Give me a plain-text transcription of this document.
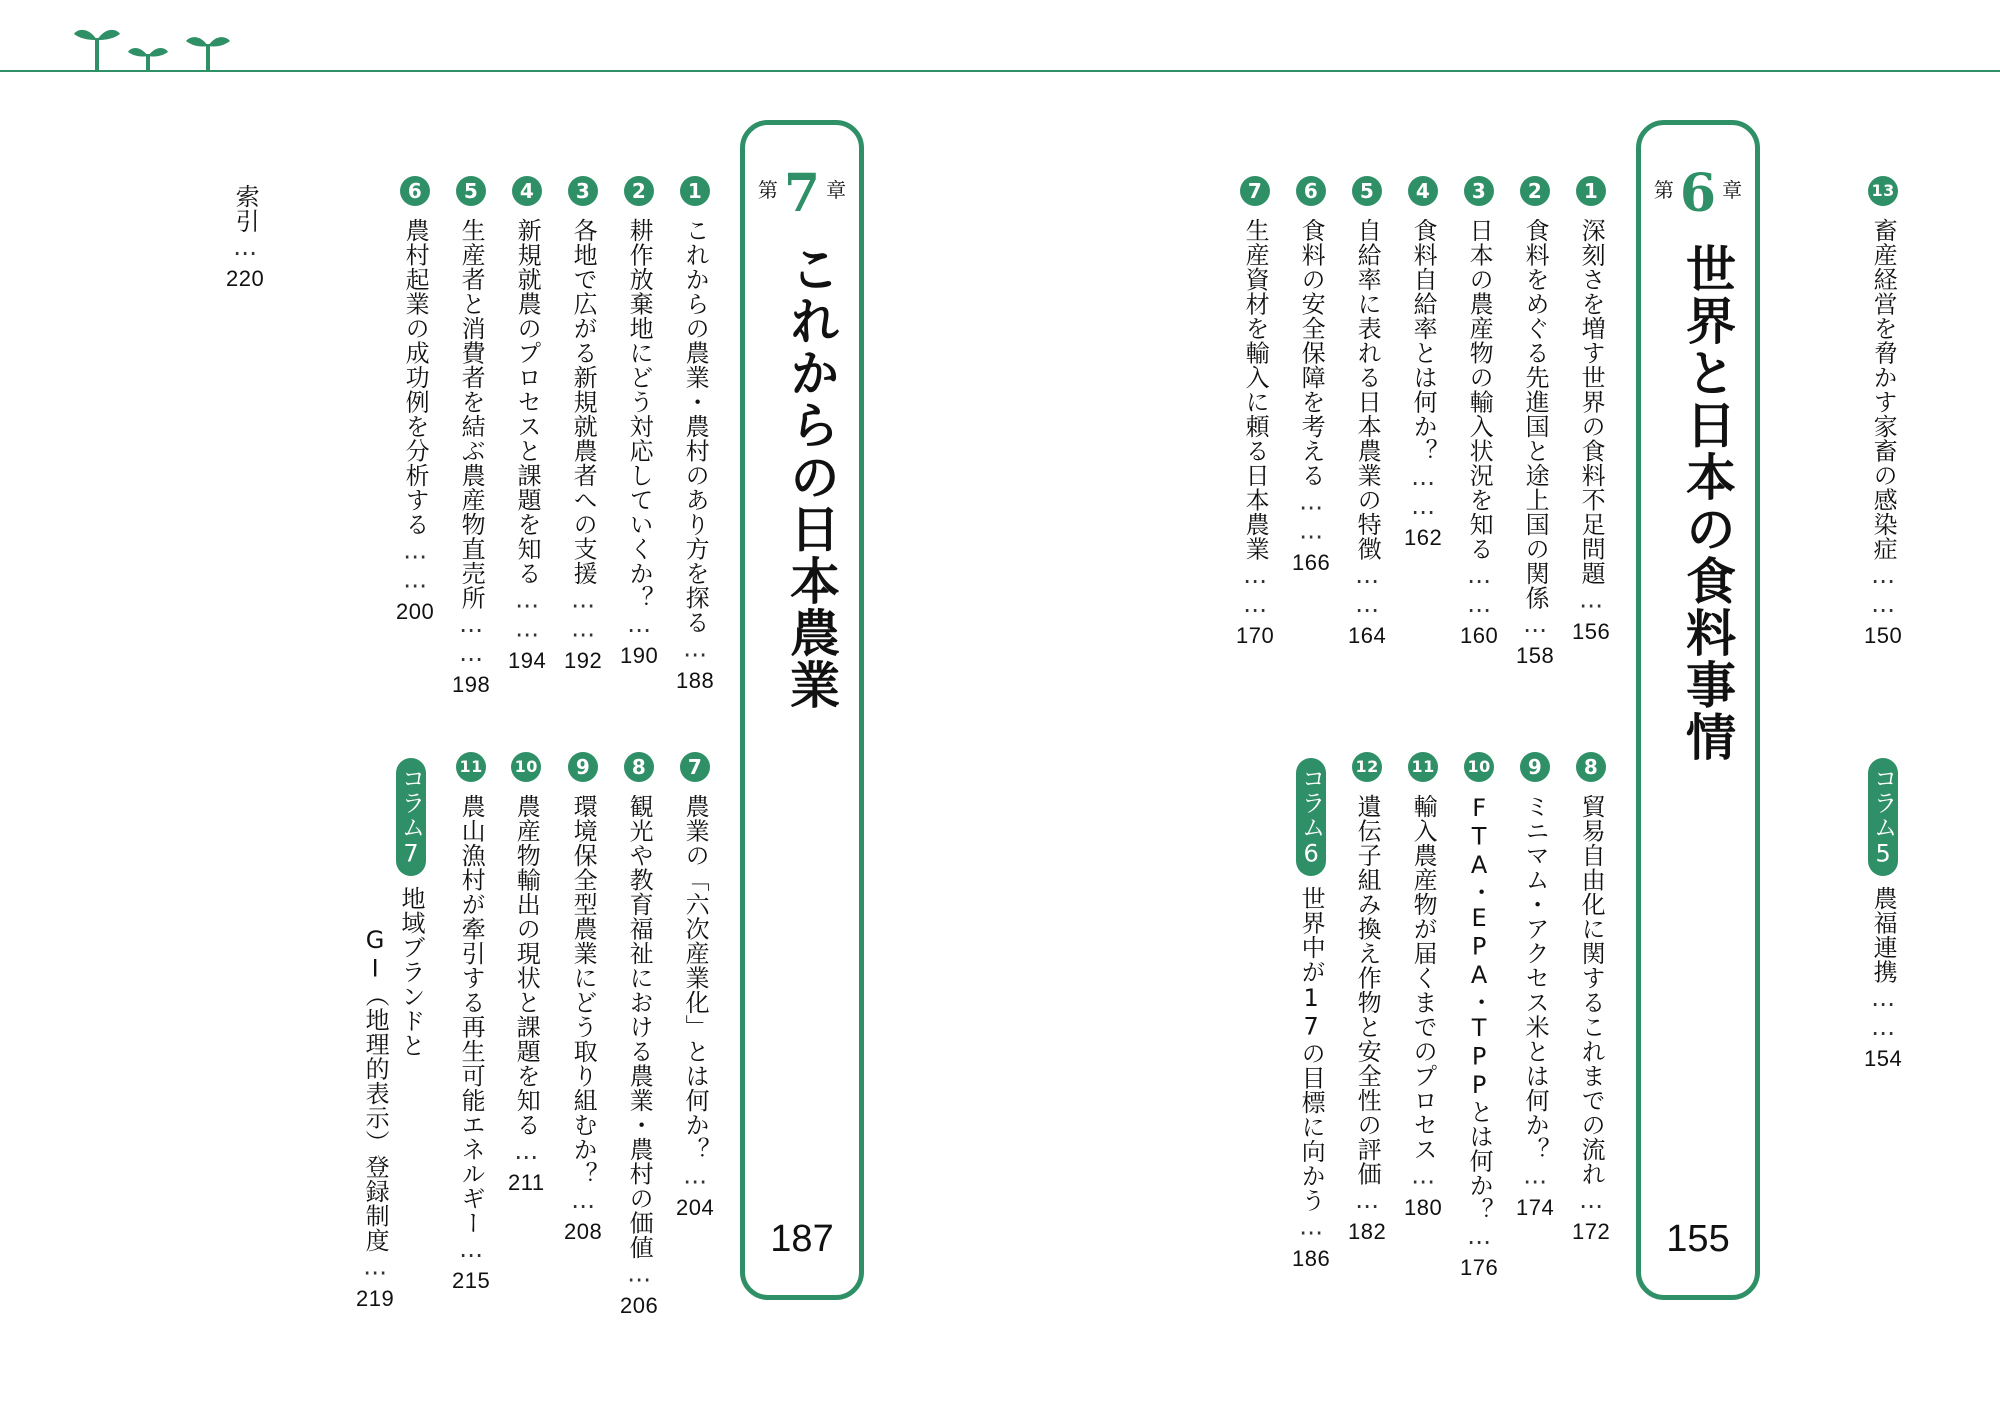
13畜産経営を脅かす家畜の感染症……150
コラム5農福連携……154
第 6 章
世界と日本の食料事情
155
1深刻さを増す世界の食料不足問題…156
2食料をめぐる先進国と途上国の関係…158
3日本の農産物の輸入状況を知る……160
4食料自給率とは何か？……162
5自給率に表れる日本農業の特徴……164
6食料の安全保障を考える……166
7生産資材を輸入に頼る日本農業……170
8貿易自由化に関するこれまでの流れ…172
9ミニマム・アクセス米とは何か？…174
10FTA・EPA・TPPとは何か？…176
11輸入農産物が届くまでのプロセス…180
12遺伝子組み換え作物と安全性の評価…182
コラム6世界中が17の目標に向かう…186
第 7 章
これからの日本農業
187
1これからの農業・農村のあり方を探る…188
2耕作放棄地にどう対応していくか？…190
3各地で広がる新規就農者への支援……192
4新規就農のプロセスと課題を知る……194
5生産者と消費者を結ぶ農産物直売所……198
6農村起業の成功例を分析する……200
7農業の「六次産業化」とは何か？…204
8観光や教育福祉における農業・農村の価値…206
9環境保全型農業にどう取り組むか？…208
10農産物輸出の現状と課題を知る…211
11農山漁村が牽引する再生可能エネルギー…215
コラム7地域ブランドと
GI（地理的表示）登録制度…219
索引…220
